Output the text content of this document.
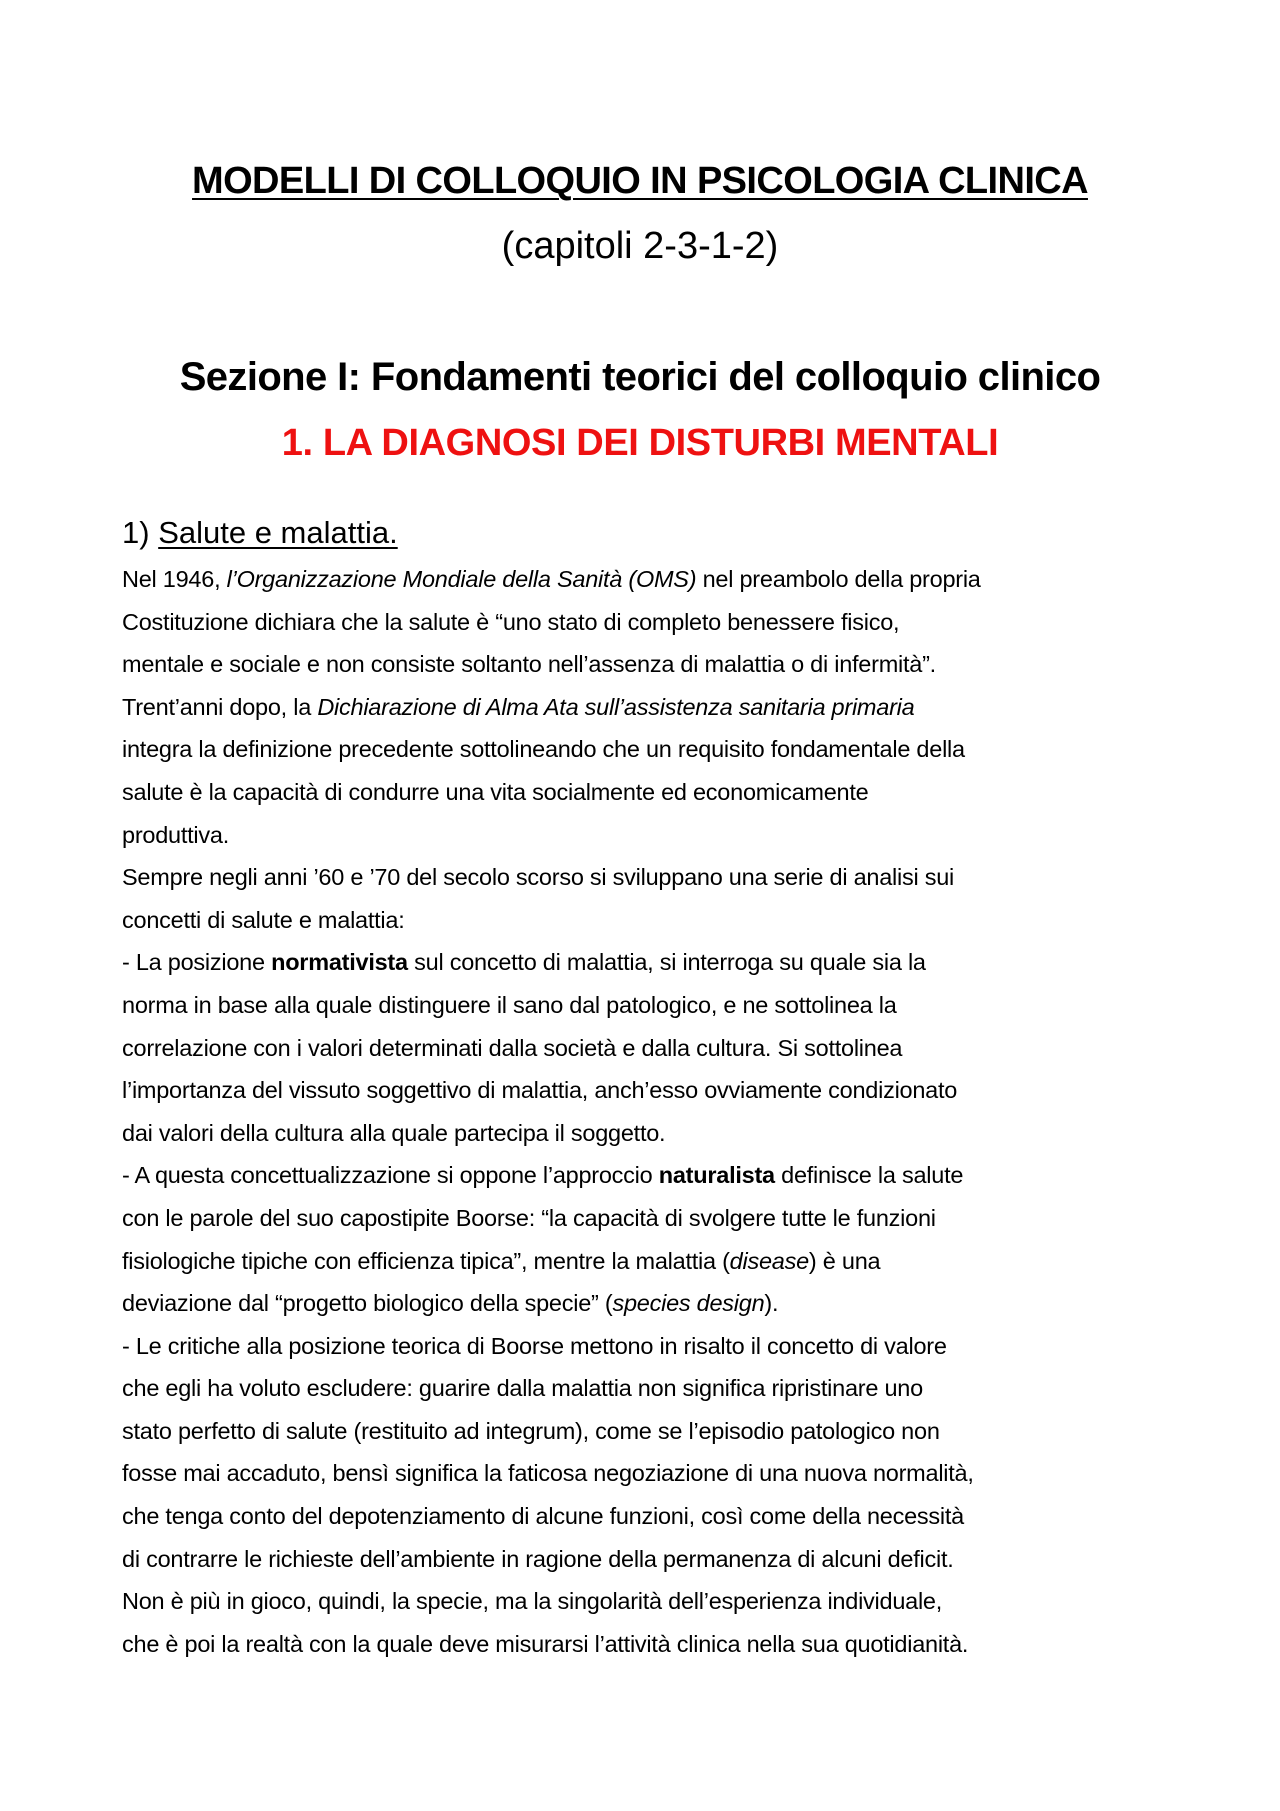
MODELLI DI COLLOQUIO IN PSICOLOGIA CLINICA
(capitoli 2-3-1-2)
Sezione I: Fondamenti teorici del colloquio clinico
1. LA DIAGNOSI DEI DISTURBI MENTALI
1) Salute e malattia.
Nel 1946, l’Organizzazione Mondiale della Sanità (OMS) nel preambolo della propria
Costituzione dichiara che la salute è “uno stato di completo benessere fisico,
mentale e sociale e non consiste soltanto nell’assenza di malattia o di infermità”.
Trent’anni dopo, la Dichiarazione di Alma Ata sull’assistenza sanitaria primaria
integra la definizione precedente sottolineando che un requisito fondamentale della
salute è la capacità di condurre una vita socialmente ed economicamente
produttiva.
Sempre negli anni ’60 e ’70 del secolo scorso si sviluppano una serie di analisi sui
concetti di salute e malattia:
- La posizione normativista sul concetto di malattia, si interroga su quale sia la
norma in base alla quale distinguere il sano dal patologico, e ne sottolinea la
correlazione con i valori determinati dalla società e dalla cultura. Si sottolinea
l’importanza del vissuto soggettivo di malattia, anch’esso ovviamente condizionato
dai valori della cultura alla quale partecipa il soggetto.
- A questa concettualizzazione si oppone l’approccio naturalista definisce la salute
con le parole del suo capostipite Boorse: “la capacità di svolgere tutte le funzioni
fisiologiche tipiche con efficienza tipica”, mentre la malattia (disease) è una
deviazione dal “progetto biologico della specie” (species design).
- Le critiche alla posizione teorica di Boorse mettono in risalto il concetto di valore
che egli ha voluto escludere: guarire dalla malattia non significa ripristinare uno
stato perfetto di salute (restituito ad integrum), come se l’episodio patologico non
fosse mai accaduto, bensì significa la faticosa negoziazione di una nuova normalità,
che tenga conto del depotenziamento di alcune funzioni, così come della necessità
di contrarre le richieste dell’ambiente in ragione della permanenza di alcuni deficit.
Non è più in gioco, quindi, la specie, ma la singolarità dell’esperienza individuale,
che è poi la realtà con la quale deve misurarsi l’attività clinica nella sua quotidianità.
